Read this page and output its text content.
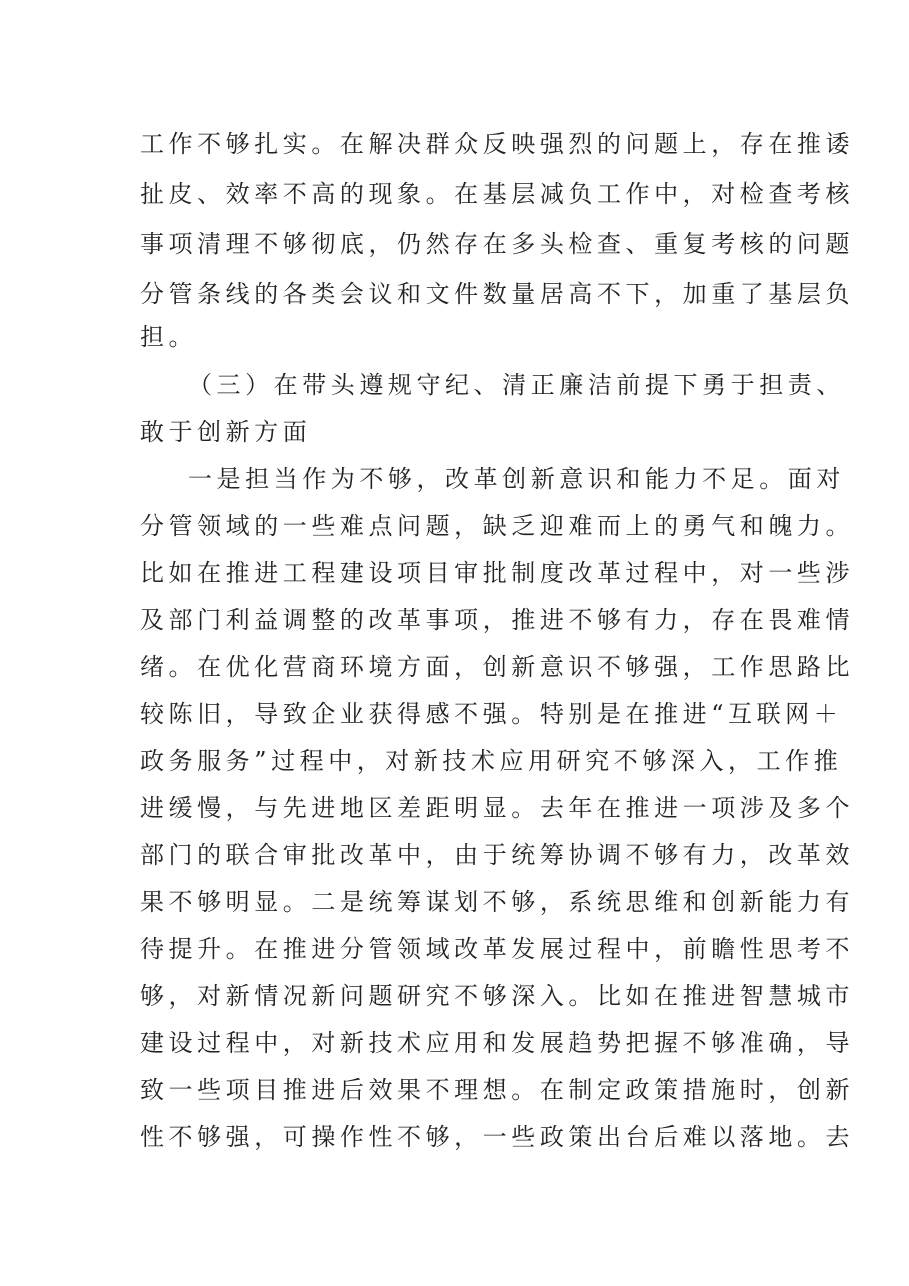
工作不够扎实。在解决群众反映强烈的问题上，存在推诿
扯皮、效率不高的现象。在基层减负工作中，对检查考核
事项清理不够彻底，仍然存在多头检查、重复考核的问题
分管条线的各类会议和文件数量居高不下，加重了基层负
担。
（三）在带头遵规守纪、清正廉洁前提下勇于担责、
敢于创新方面
一是担当作为不够，改革创新意识和能力不足。面对
分管领域的一些难点问题，缺乏迎难而上的勇气和魄力。
比如在推进工程建设项目审批制度改革过程中，对一些涉
及部门利益调整的改革事项，推进不够有力，存在畏难情
绪。在优化营商环境方面，创新意识不够强，工作思路比
较陈旧，导致企业获得感不强。特别是在推进“互联网＋
政务服务”过程中，对新技术应用研究不够深入，工作推
进缓慢，与先进地区差距明显。去年在推进一项涉及多个
部门的联合审批改革中，由于统筹协调不够有力，改革效
果不够明显。二是统筹谋划不够，系统思维和创新能力有
待提升。在推进分管领域改革发展过程中，前瞻性思考不
够，对新情况新问题研究不够深入。比如在推进智慧城市
建设过程中，对新技术应用和发展趋势把握不够准确，导
致一些项目推进后效果不理想。在制定政策措施时，创新
性不够强，可操作性不够，一些政策出台后难以落地。去
